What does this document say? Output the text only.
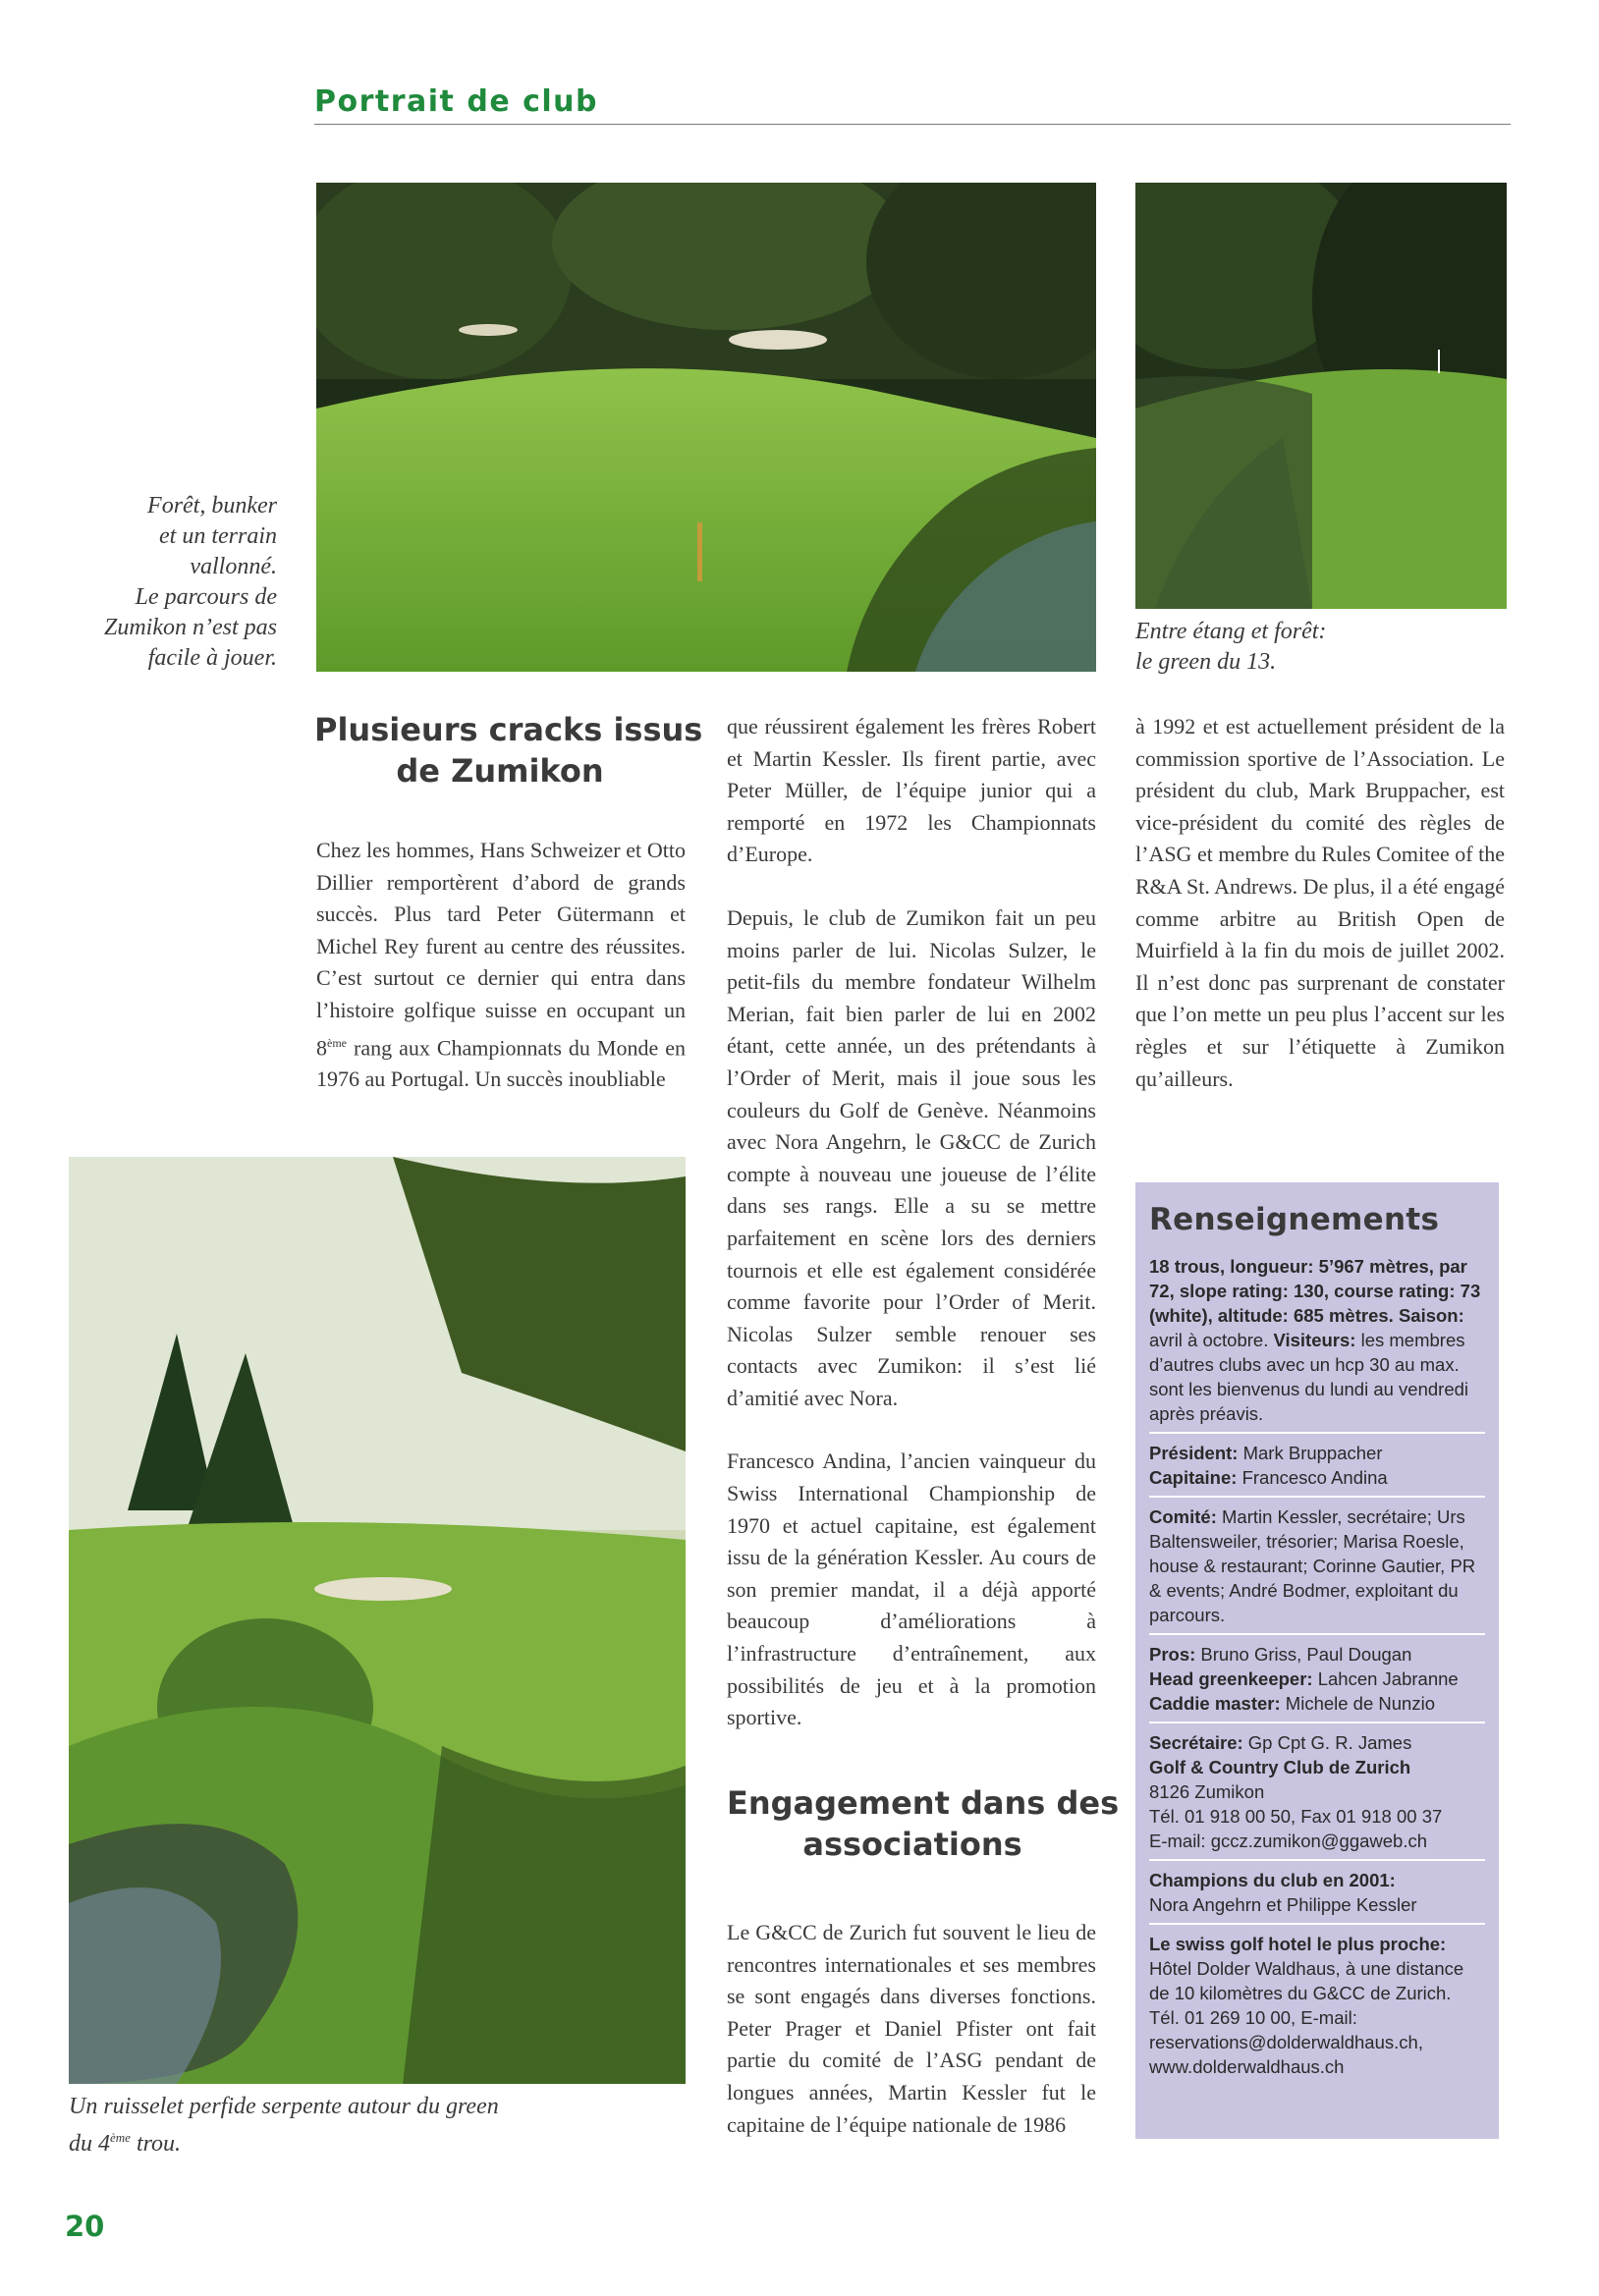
Portrait de club

Forêt, bunker

et un terrain

vallonné.

Le parcours de

Zumikon n’est pas

facile à jouer.

Entre étang et forêt:

le green du 13.

Un ruisselet perfide serpente autour du green

du 4ème trou.

Plusieurs cracks issus
de Zumikon

Chez les hommes, Hans Schweizer et Otto Dillier remportèrent d’abord de grands succès. Plus tard Peter Gütermann et Michel Rey furent au centre des réussites. C’est surtout ce dernier qui entra dans l’histoire golfique suisse en occupant un 8ème rang aux Championnats du Monde en 1976 au Portugal. Un succès inoubliable

que réussirent également les frères Robert et Martin Kessler. Ils firent partie, avec Peter Müller, de l’équipe junior qui a remporté en 1972 les Championnats d’Europe.

Depuis, le club de Zumikon fait un peu moins parler de lui. Nicolas Sulzer, le petit-fils du membre fondateur Wilhelm Merian, fait bien parler de lui en 2002 étant, cette année, un des prétendants à l’Order of Merit, mais il joue sous les couleurs du Golf de Genève. Néanmoins avec Nora Angehrn, le G&CC de Zurich compte à nouveau une joueuse de l’élite dans ses rangs. Elle a su se mettre parfaitement en scène lors des derniers tournois et elle est également considérée comme favorite pour l’Order of Merit. Nicolas Sulzer semble renouer ses contacts avec Zumikon: il s’est lié d’amitié avec Nora.

Francesco Andina, l’ancien vainqueur du Swiss International Championship de 1970 et actuel capitaine, est également issu de la génération Kessler. Au cours de son premier mandat, il a déjà apporté beaucoup d’améliorations à l’infrastructure d’entraînement, aux possibilités de jeu et à la promotion sportive.

Engagement dans des
associations

Le G&CC de Zurich fut souvent le lieu de rencontres internationales et ses membres se sont engagés dans diverses fonctions. Peter Prager et Daniel Pfister ont fait partie du comité de l’ASG pendant de longues années, Martin Kessler fut le capitaine de l’équipe nationale de 1986

à 1992 et est actuellement président de la commission sportive de l’Association. Le président du club, Mark Bruppacher, est vice-président du comité des règles de l’ASG et membre du Rules Comitee of the R&A St. Andrews. De plus, il a été engagé comme arbitre au British Open de Muirfield à la fin du mois de juillet 2002. Il n’est donc pas surprenant de constater que l’on mette un peu plus l’accent sur les règles et sur l’étiquette à Zumikon qu’ailleurs.

Renseignements

18 trous, longueur: 5’967 mètres, par 72, slope rating: 130, course rating: 73 (white), altitude: 685 mètres. Saison: avril à octobre. Visiteurs: les membres d’autres clubs avec un hcp 30 au max. sont les bienvenus du lundi au vendredi après préavis.

Président: Mark Bruppacher

Capitaine: Francesco Andina

Comité: Martin Kessler, secrétaire; Urs Baltensweiler, trésorier; Marisa Roesle, house & restaurant; Corinne Gautier, PR & events; André Bodmer, exploitant du parcours.

Pros: Bruno Griss, Paul Dougan

Head greenkeeper: Lahcen Jabranne

Caddie master: Michele de Nunzio

Secrétaire: Gp Cpt G. R. James

Golf & Country Club de Zurich

8126 Zumikon

Tél. 01 918 00 50, Fax 01 918 00 37

E-mail: gccz.zumikon@ggaweb.ch

Champions du club en 2001:

Nora Angehrn et Philippe Kessler

Le swiss golf hotel le plus proche:

Hôtel Dolder Waldhaus, à une distance de 10 kilomètres du G&CC de Zurich.

Tél. 01 269 10 00, E-mail:

reservations@dolderwaldhaus.ch,

www.dolderwaldhaus.ch

20
